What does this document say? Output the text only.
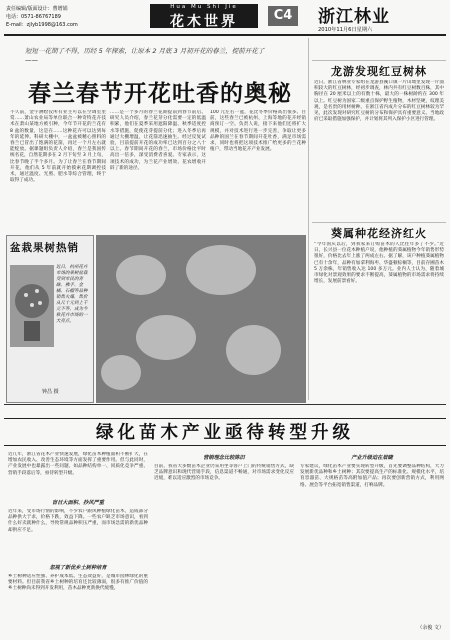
责任编辑/版面设计：曹增娟
电话：0571-86767189
E-mail：zjlyb1998@163.com
Hua Mu Shi Jie
花木世界	C4	浙江林业
2010年11月6日星期六
短短一花期了不得，历经 5 年探索，让原本 2 月底 3 月初开花的春兰，提前开花了——
春兰春节开花吐香的奥秘
不久前，金宇测绘仪所有业主可以在空调室里赏……萧山农业局等单位联合一种奇特花卉技术在萧山某地方被引种，今年节开花的兰花有 8 盆的数量，这是在……这种花卉可以达到每年的延伸。科研大棚中，一盆盆被精心照料的春兰已冒出了饱满的花箭，再过一个月左右就能绽放。据课题组负责人介绍，春兰是我国传统名花，自然花期多在 2 月下旬至 3 月上旬，比春节晚了半个多月。为了让春兰在春节期间开花，他们从 5 年前就开始摸索花期调控技术，通过温度、光照、肥水等综合管理，终于取得了成功。
……是一个多月的春兰花期提前到春节前后。研究人员介绍，春兰花芽分化需要一定的低温积累，他们在夏季采用遮阳降温、秋季适度控水等措施，促使花芽提前分化；进入冬季后再通过大棚增温，让花箭迅速抽生。经过反复试验，目前提前开花的成功率已达到百分之八十以上。春节期间开花的春兰，市场价格比平时高出一倍多，深受消费者喜爱。专家表示，这项技术的成功，为兰花产业增效、花农增收开辟了新的途径。
100 元左右一盆，花比冬季价格高出很多。目前，这些春兰已被杭州、上海等地的花卉经销商预订一空。负责人说，接下来他们还将扩大规模，并对技术进行进一步完善，争取让更多品种的国兰在春节期间开花吐香，满足市场需求，同时也将把这项技术推广给更多的兰花种植户，带动当地花卉产业发展。
盆栽果树热销
近日，杭州花卉市场的果树盆栽受到市民的青睐，佛手、金橘、石榴等品种销售火爆，售价从几十元到上千元不等，成为今秋花卉市场的一大亮点。
钟昌 摄
龙游发现红豆树林
近日，浙江省林业专家组在龙游县溪口镇一片山坳里发现一片面积较大的红豆树林，经初步调查，林内共有红豆树数百株，其中胸径在 20 厘米以上的有数十株，最大的一株树龄约在 300 年以上。红豆树为国家二级重点保护野生植物，木材坚硬，纹理美观，是名贵的用材树种。在浙江省内成片分布的红豆树林较为罕见，此次发现对研究红豆树的分布和保护具有重要意义。当地政府已采取措施加强保护，并计划将其列入保护小区进行管理。
葵属种花经济红火
“今年国庆以后，到我家来订购苗木的人比往年多了不少。”近日，长兴县一位花木种植户说，他种植的葵属植物今年销售形势很好，价格比去年上涨了两成左右。据了解，该户种植葵属植物已有十余年，品种有加拿利海枣、华盛顿棕榈等，目前存圃苗木 5 万余株，年销售收入达 100 多万元。业内人士认为，随着城市绿化对景观效果的要求不断提高，葵属植物的市场需求将持续增长，发展前景看好。
绿化苗木产业亟待转型升级
近几年，浙江省花木产业快速发展，绿化苗木种植面积不断扩大，在增加农民收入、改善生态环境等方面发挥了重要作用。但与此同时，产业发展中也暴露出一些问题，如品种结构单一、同质化竞争严重、营销手段落后等，亟待转型升级。
盲目大面积、抄风严重
近年来，受市场行情的影响，不少农户跟风种植绿化苗木，造成部分品种供大于求，价格下跌，效益下降。一些农户缺乏市场意识，看到什么好卖就种什么，导致常规品种积压严重，而市场急需的新优品种却供应不足。
忽视了新优乡土树种培育
乡土树种适应性强、养护成本低、生态效益好，是城市园林绿化的重要材料。但目前我省乡土树种的培育还比较薄弱，很多有推广价值的乡土树种尚未得到开发利用，苗木品种更新换代缓慢。
营销理念比较陈旧
目前，我省大多数苗木企业仍采用坐等客户上门的传统销售方式，缺乏品牌意识和现代营销手段，信息渠道不畅通，对市场需求变化反应迟缓，难以适应激烈的市场竞争。
产业升级迫在眉睫
专家建议，绿化苗木产业要实现转型升级，首先要调整品种结构，大力发展新优品种和乡土树种；其次要提高生产的标准化、规模化水平，培育容器苗、大规格苗等高附加值产品；再次要创新营销方式，利用网络、展会等平台拓宽销售渠道，打响品牌。
（余俊 文）
